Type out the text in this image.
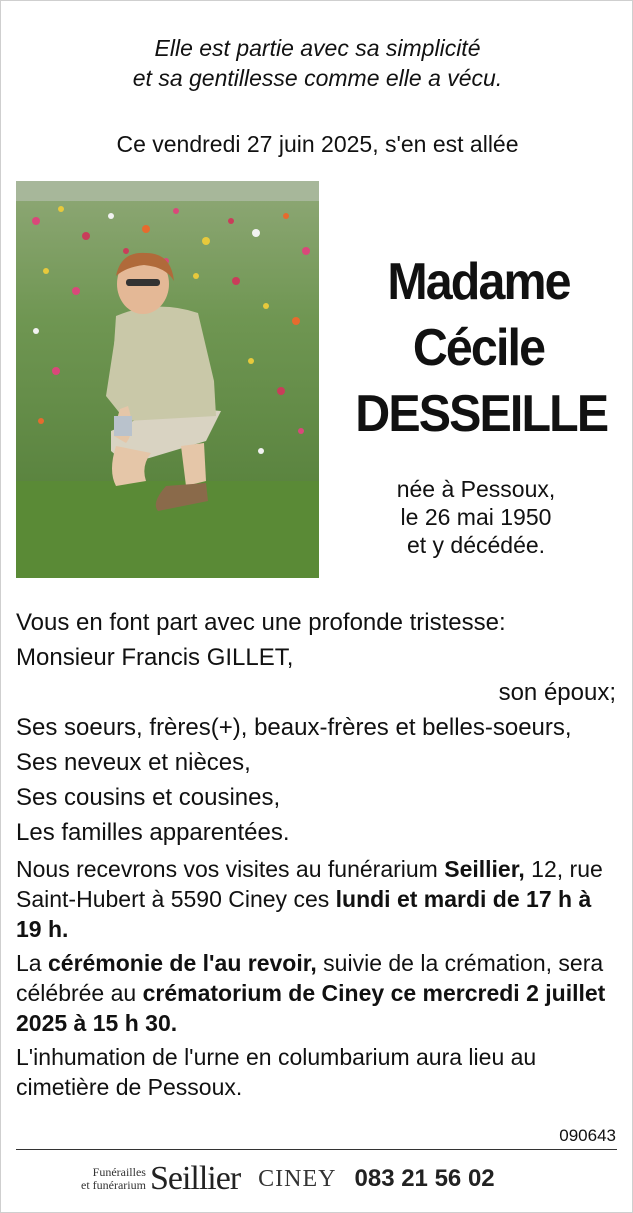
Elle est partie avec sa simplicité
et sa gentillesse comme elle a vécu.
Ce vendredi 27 juin 2025, s'en est allée
Madame
Cécile
DESSEILLE
née à Pessoux,
le 26 mai 1950
et y décédée.
Vous en font part avec une profonde tristesse:
Monsieur Francis GILLET,
son époux;
Ses soeurs, frères(+), beaux-frères et belles-soeurs,
Ses neveux et nièces,
Ses cousins et cousines,
Les familles apparentées.
Nous recevrons vos visites au funérarium Seillier, 12, rue Saint-Hubert à 5590 Ciney ces lundi et mardi de 17 h à 19 h.
La cérémonie de l'au revoir, suivie de la crémation, sera célébrée au crématorium de Ciney ce mercredi 2 juillet 2025 à 15 h 30.
L'inhumation de l'urne en columbarium aura lieu au cimetière de Pessoux.
090643
Funérailles
et funérarium Seillier CINEY 083 21 56 02
